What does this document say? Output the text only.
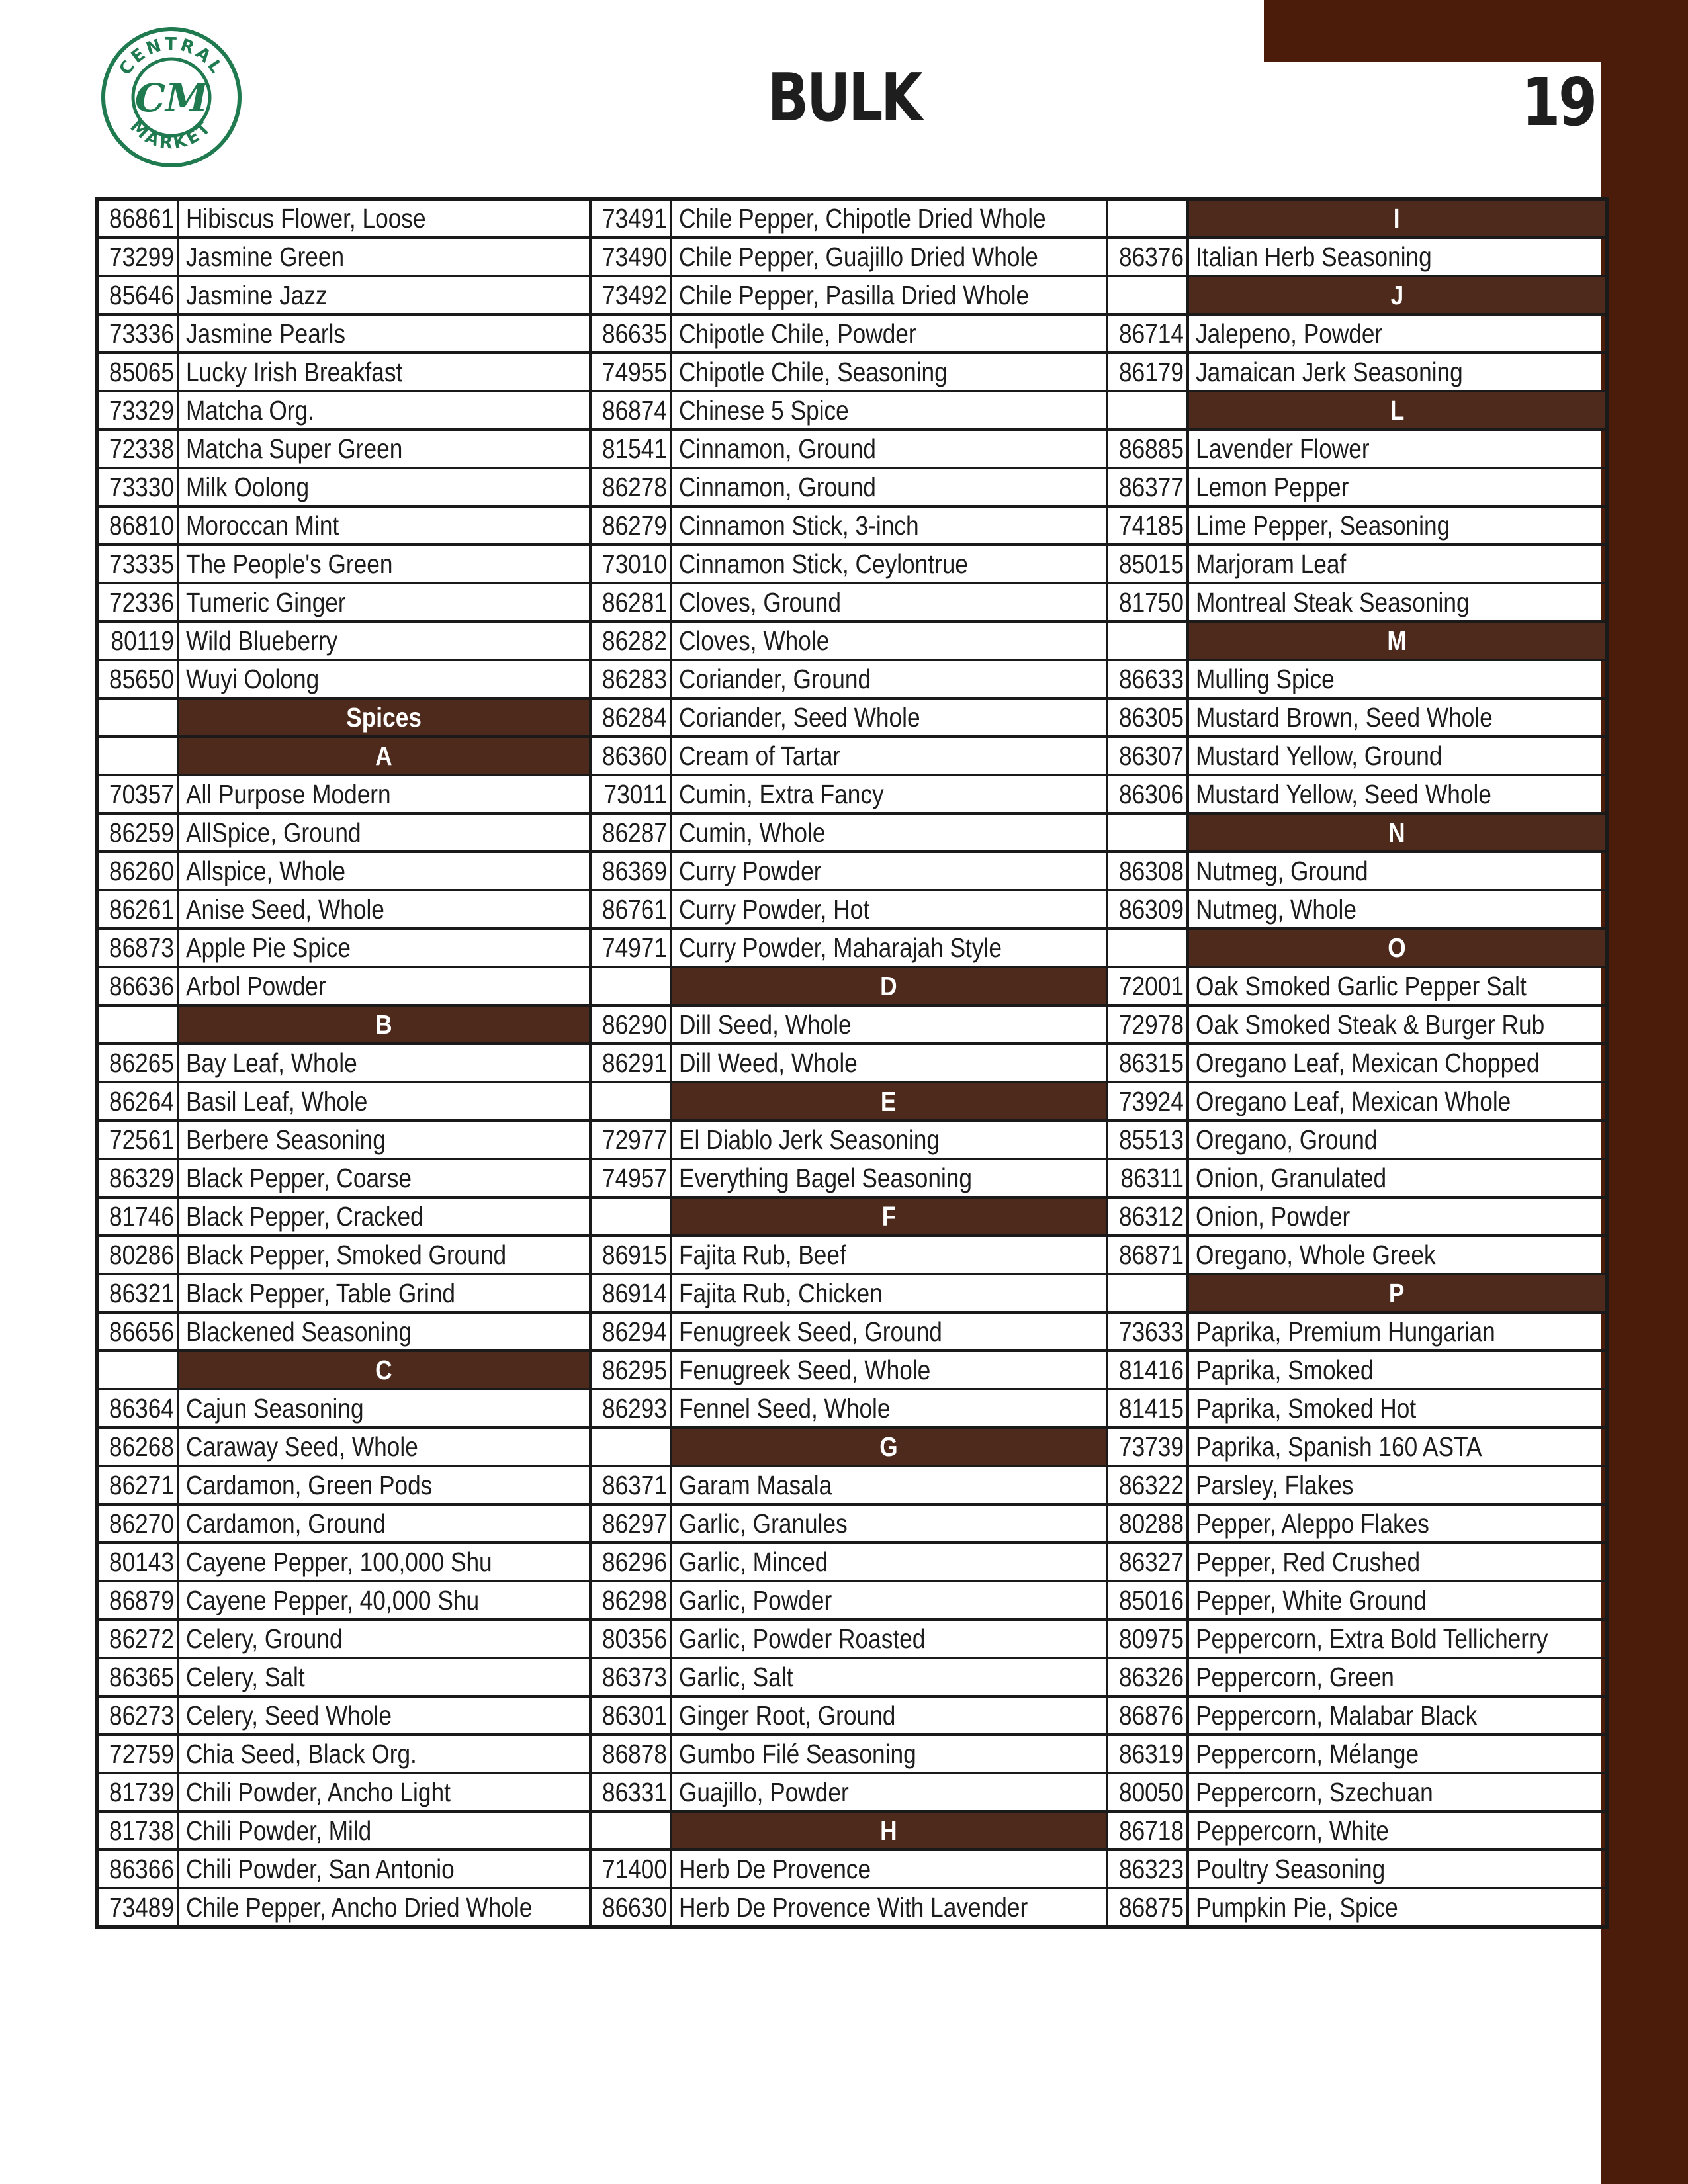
CENTRAL
MARKET
CM	BULK	19
86861	Hibiscus Flower, Loose	73491	Chile Pepper, Chipotle Dried Whole		I
73299	Jasmine Green	73490	Chile Pepper, Guajillo Dried Whole	86376	Italian Herb Seasoning
85646	Jasmine Jazz	73492	Chile Pepper, Pasilla Dried Whole		J
73336	Jasmine Pearls	86635	Chipotle Chile, Powder	86714	Jalepeno, Powder
85065	Lucky Irish Breakfast	74955	Chipotle Chile, Seasoning	86179	Jamaican Jerk Seasoning
73329	Matcha Org.	86874	Chinese 5 Spice		L
72338	Matcha Super Green	81541	Cinnamon, Ground	86885	Lavender Flower
73330	Milk Oolong	86278	Cinnamon, Ground	86377	Lemon Pepper
86810	Moroccan Mint	86279	Cinnamon Stick, 3-inch	74185	Lime Pepper, Seasoning
73335	The People's Green	73010	Cinnamon Stick, Ceylontrue	85015	Marjoram Leaf
72336	Tumeric Ginger	86281	Cloves, Ground	81750	Montreal Steak Seasoning
80119	Wild Blueberry	86282	Cloves, Whole		M
85650	Wuyi Oolong	86283	Coriander, Ground	86633	Mulling Spice
	Spices	86284	Coriander, Seed Whole	86305	Mustard Brown, Seed Whole
	A	86360	Cream of Tartar	86307	Mustard Yellow, Ground
70357	All Purpose Modern	73011	Cumin, Extra Fancy	86306	Mustard Yellow, Seed Whole
86259	AllSpice, Ground	86287	Cumin, Whole		N
86260	Allspice, Whole	86369	Curry Powder	86308	Nutmeg, Ground
86261	Anise Seed, Whole	86761	Curry Powder, Hot	86309	Nutmeg, Whole
86873	Apple Pie Spice	74971	Curry Powder, Maharajah Style		O
86636	Arbol Powder		D	72001	Oak Smoked Garlic Pepper Salt
	B	86290	Dill Seed, Whole	72978	Oak Smoked Steak & Burger Rub
86265	Bay Leaf, Whole	86291	Dill Weed, Whole	86315	Oregano Leaf, Mexican Chopped
86264	Basil Leaf, Whole		E	73924	Oregano Leaf, Mexican Whole
72561	Berbere Seasoning	72977	El Diablo Jerk Seasoning	85513	Oregano, Ground
86329	Black Pepper, Coarse	74957	Everything Bagel Seasoning	86311	Onion, Granulated
81746	Black Pepper, Cracked		F	86312	Onion, Powder
80286	Black Pepper, Smoked Ground	86915	Fajita Rub, Beef	86871	Oregano, Whole Greek
86321	Black Pepper, Table Grind	86914	Fajita Rub, Chicken		P
86656	Blackened Seasoning	86294	Fenugreek Seed, Ground	73633	Paprika, Premium Hungarian
	C	86295	Fenugreek Seed, Whole	81416	Paprika, Smoked
86364	Cajun Seasoning	86293	Fennel Seed, Whole	81415	Paprika, Smoked Hot
86268	Caraway Seed, Whole		G	73739	Paprika, Spanish 160 ASTA
86271	Cardamon, Green Pods	86371	Garam Masala	86322	Parsley, Flakes
86270	Cardamon, Ground	86297	Garlic, Granules	80288	Pepper, Aleppo Flakes
80143	Cayene Pepper, 100,000 Shu	86296	Garlic, Minced	86327	Pepper, Red Crushed
86879	Cayene Pepper, 40,000 Shu	86298	Garlic, Powder	85016	Pepper, White Ground
86272	Celery, Ground	80356	Garlic, Powder Roasted	80975	Peppercorn, Extra Bold Tellicherry
86365	Celery, Salt	86373	Garlic, Salt	86326	Peppercorn, Green
86273	Celery, Seed Whole	86301	Ginger Root, Ground	86876	Peppercorn, Malabar Black
72759	Chia Seed, Black Org.	86878	Gumbo Filé Seasoning	86319	Peppercorn, Mélange
81739	Chili Powder, Ancho Light	86331	Guajillo, Powder	80050	Peppercorn, Szechuan
81738	Chili Powder, Mild		H	86718	Peppercorn, White
86366	Chili Powder, San Antonio	71400	Herb De Provence	86323	Poultry Seasoning
73489	Chile Pepper, Ancho Dried Whole	86630	Herb De Provence With Lavender	86875	Pumpkin Pie, Spice
